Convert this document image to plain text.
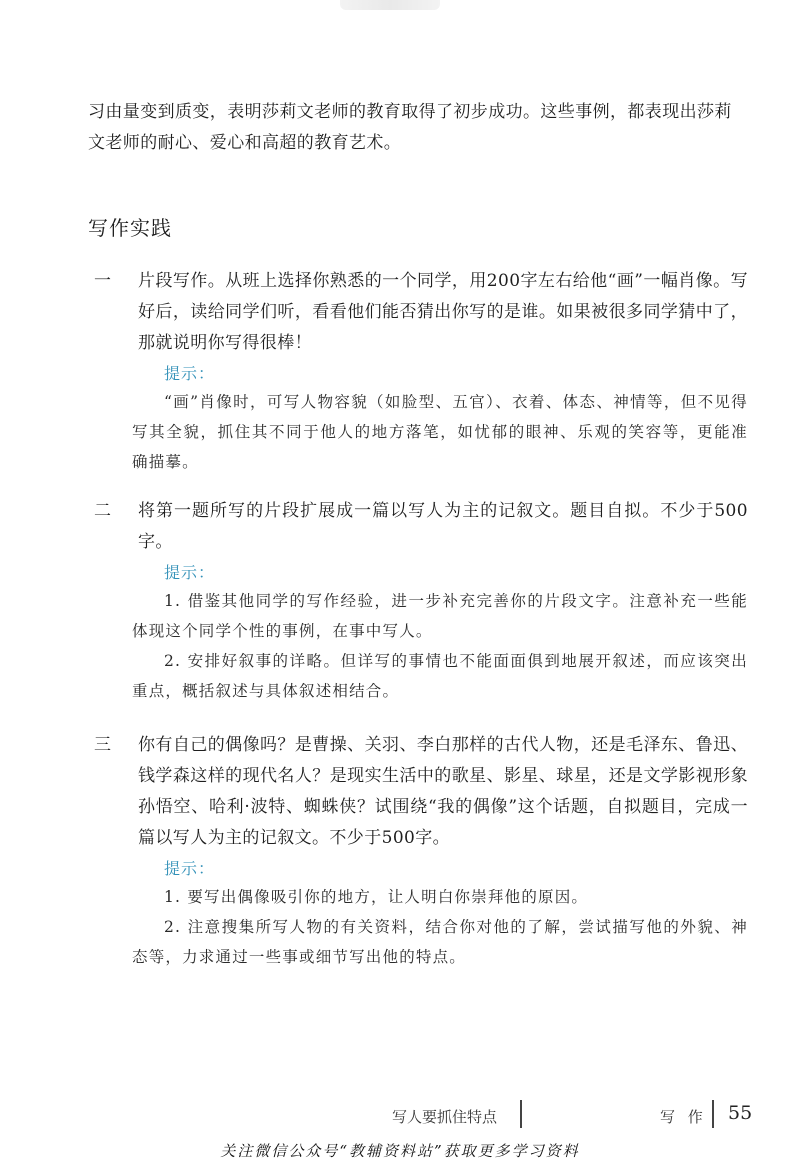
习由量变到质变，表明莎莉文老师的教育取得了初步成功。这些事例，都表现出莎莉文老师的耐心、爱心和高超的教育艺术。
写作实践
一	片段写作。从班上选择你熟悉的一个同学，用200字左右给他“画”一幅肖像。写好后，读给同学们听，看看他们能否猜出你写的是谁。如果被很多同学猜中了，那就说明你写得很棒！
提示：
“画”肖像时，可写人物容貌（如脸型、五官）、衣着、体态、神情等，但不见得写其全貌，抓住其不同于他人的地方落笔，如忧郁的眼神、乐观的笑容等，更能准确描摹。
二	将第一题所写的片段扩展成一篇以写人为主的记叙文。题目自拟。不少于500字。
提示：
1. 借鉴其他同学的写作经验，进一步补充完善你的片段文字。注意补充一些能体现这个同学个性的事例，在事中写人。
2. 安排好叙事的详略。但详写的事情也不能面面俱到地展开叙述，而应该突出重点，概括叙述与具体叙述相结合。
三	你有自己的偶像吗？是曹操、关羽、李白那样的古代人物，还是毛泽东、鲁迅、钱学森这样的现代名人？是现实生活中的歌星、影星、球星，还是文学影视形象孙悟空、哈利·波特、蜘蛛侠？试围绕“我的偶像”这个话题，自拟题目，完成一篇以写人为主的记叙文。不少于500字。
提示：
1. 要写出偶像吸引你的地方，让人明白你崇拜他的原因。
2. 注意搜集所写人物的有关资料，结合你对他的了解，尝试描写他的外貌、神态等，力求通过一些事或细节写出他的特点。
写人要抓住特点	写 作 55
关注微信公众号“教辅资料站”获取更多学习资料
